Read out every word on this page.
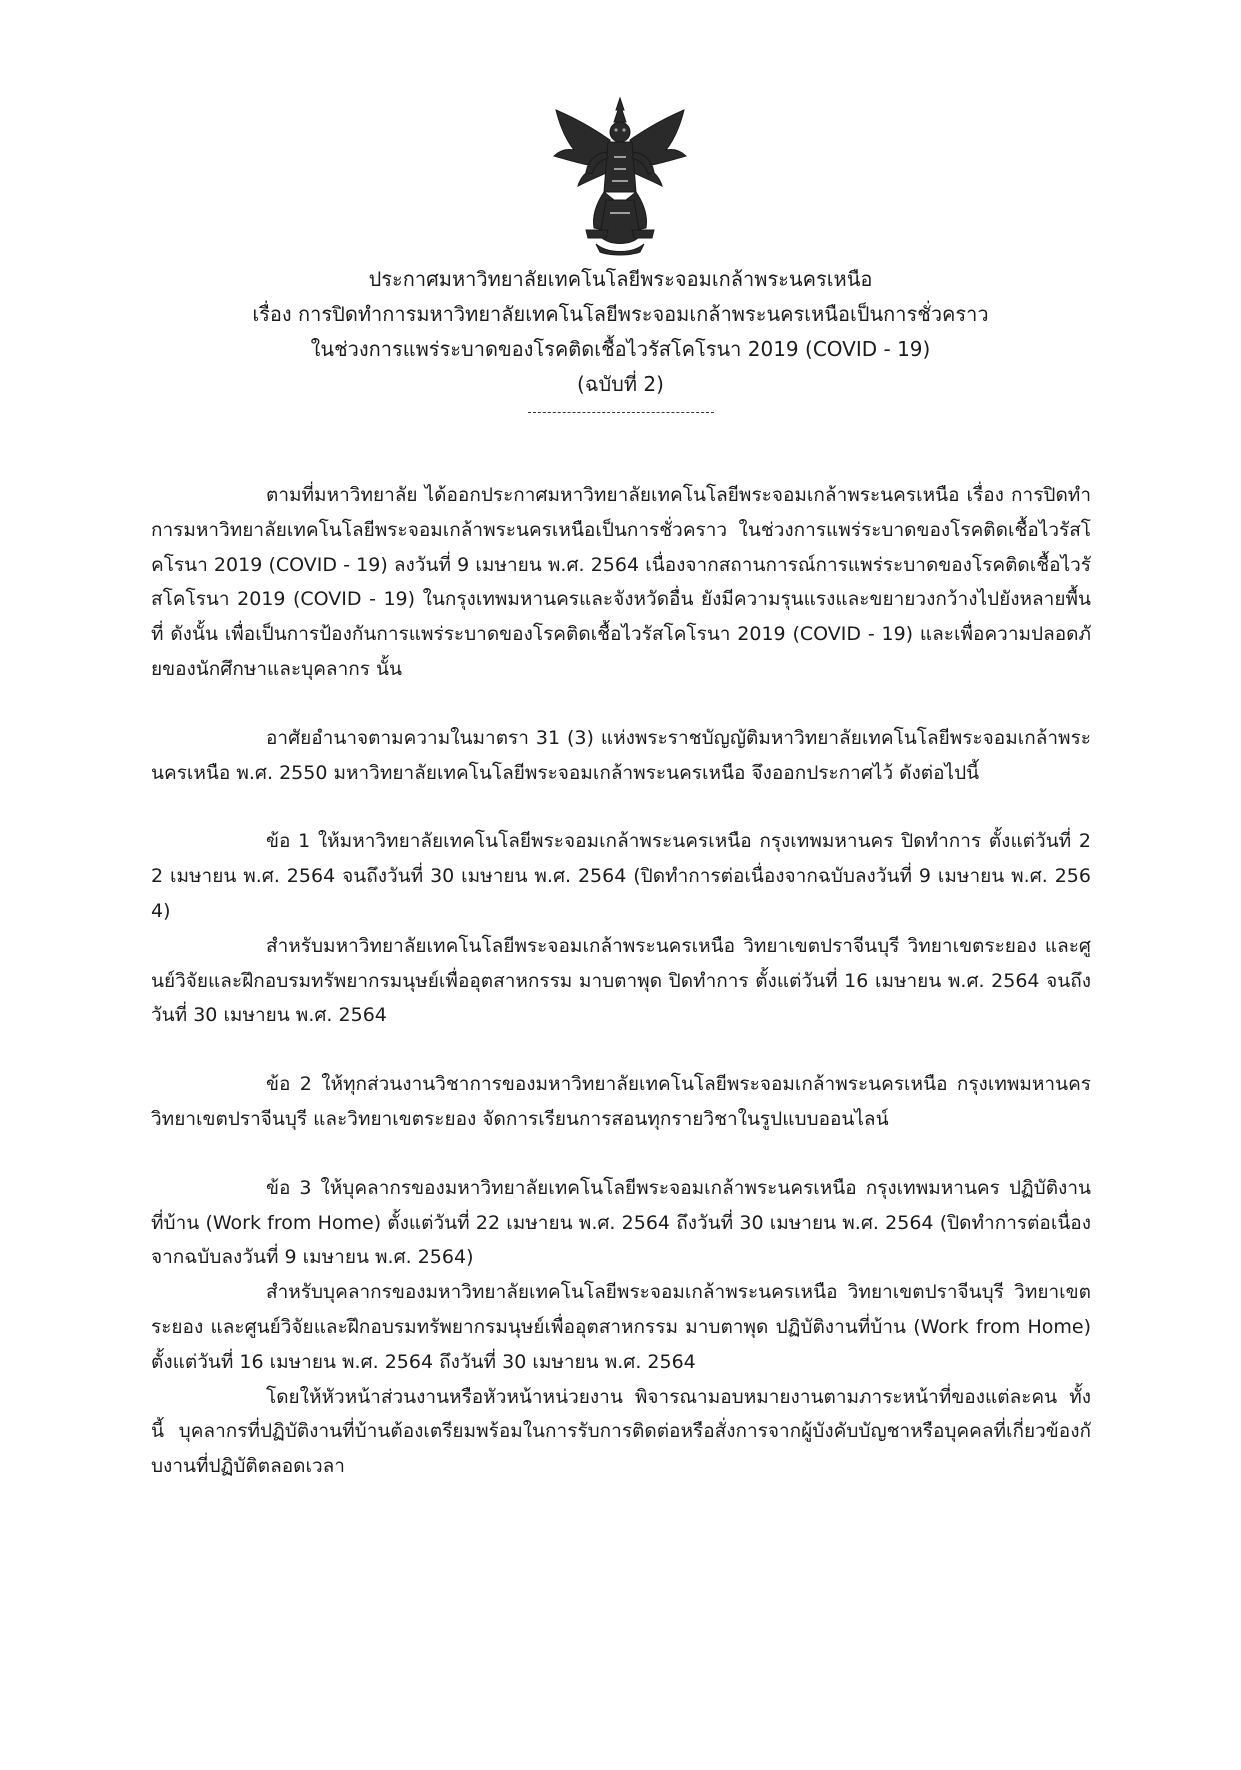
ประกาศมหาวิทยาลัยเทคโนโลยีพระจอมเกล้าพระนครเหนือ
เรื่อง การปิดทำการมหาวิทยาลัยเทคโนโลยีพระจอมเกล้าพระนครเหนือเป็นการชั่วคราว
ในช่วงการแพร่ระบาดของโรคติดเชื้อไวรัสโคโรนา 2019 (COVID - 19)
(ฉบับที่ 2)

ตามที่มหาวิทยาลัย ได้ออกประกาศมหาวิทยาลัยเทคโนโลยีพระจอมเกล้าพระนครเหนือ เรื่อง การปิดทำการมหาวิทยาลัยเทคโนโลยีพระจอมเกล้าพระนครเหนือเป็นการชั่วคราว ในช่วงการแพร่ระบาดของโรคติดเชื้อไวรัสโคโรนา 2019 (COVID - 19) ลงวันที่ 9 เมษายน พ.ศ. 2564 เนื่องจากสถานการณ์การแพร่ระบาดของโรคติดเชื้อไวรัสโคโรนา 2019 (COVID - 19) ในกรุงเทพมหานครและจังหวัดอื่น ยังมีความรุนแรงและขยายวงกว้างไปยังหลายพื้นที่ ดังนั้น เพื่อเป็นการป้องกันการแพร่ระบาดของโรคติดเชื้อไวรัสโคโรนา 2019 (COVID - 19) และเพื่อความปลอดภัยของนักศึกษาและบุคลากร นั้น

อาศัยอำนาจตามความในมาตรา 31 (3) แห่งพระราชบัญญัติมหาวิทยาลัยเทคโนโลยีพระจอมเกล้าพระนครเหนือ พ.ศ. 2550 มหาวิทยาลัยเทคโนโลยีพระจอมเกล้าพระนครเหนือ จึงออกประกาศไว้ ดังต่อไปนี้

ข้อ 1 ให้มหาวิทยาลัยเทคโนโลยีพระจอมเกล้าพระนครเหนือ กรุงเทพมหานคร ปิดทำการ ตั้งแต่วันที่ 22 เมษายน พ.ศ. 2564 จนถึงวันที่ 30 เมษายน พ.ศ. 2564 (ปิดทำการต่อเนื่องจากฉบับลงวันที่ 9 เมษายน พ.ศ. 2564)

สำหรับมหาวิทยาลัยเทคโนโลยีพระจอมเกล้าพระนครเหนือ วิทยาเขตปราจีนบุรี วิทยาเขตระยอง และศูนย์วิจัยและฝึกอบรมทรัพยากรมนุษย์เพื่ออุตสาหกรรม มาบตาพุด ปิดทำการ ตั้งแต่วันที่ 16 เมษายน พ.ศ. 2564 จนถึงวันที่ 30 เมษายน พ.ศ. 2564

ข้อ 2 ให้ทุกส่วนงานวิชาการของมหาวิทยาลัยเทคโนโลยีพระจอมเกล้าพระนครเหนือ กรุงเทพมหานคร วิทยาเขตปราจีนบุรี และวิทยาเขตระยอง จัดการเรียนการสอนทุกรายวิชาในรูปแบบออนไลน์

ข้อ 3 ให้บุคลากรของมหาวิทยาลัยเทคโนโลยีพระจอมเกล้าพระนครเหนือ กรุงเทพมหานคร ปฏิบัติงานที่บ้าน (Work from Home) ตั้งแต่วันที่ 22 เมษายน พ.ศ. 2564 ถึงวันที่ 30 เมษายน พ.ศ. 2564 (ปิดทำการต่อเนื่องจากฉบับลงวันที่ 9 เมษายน พ.ศ. 2564)

สำหรับบุคลากรของมหาวิทยาลัยเทคโนโลยีพระจอมเกล้าพระนครเหนือ วิทยาเขตปราจีนบุรี วิทยาเขตระยอง และศูนย์วิจัยและฝึกอบรมทรัพยากรมนุษย์เพื่ออุตสาหกรรม มาบตาพุด ปฏิบัติงานที่บ้าน (Work from Home) ตั้งแต่วันที่ 16 เมษายน พ.ศ. 2564 ถึงวันที่ 30 เมษายน พ.ศ. 2564

โดยให้หัวหน้าส่วนงานหรือหัวหน้าหน่วยงาน พิจารณามอบหมายงานตามภาระหน้าที่ของแต่ละคน ทั้งนี้ บุคลากรที่ปฏิบัติงานที่บ้านต้องเตรียมพร้อมในการรับการติดต่อหรือสั่งการจากผู้บังคับบัญชาหรือบุคคลที่เกี่ยวข้องกับงานที่ปฏิบัติตลอดเวลา
